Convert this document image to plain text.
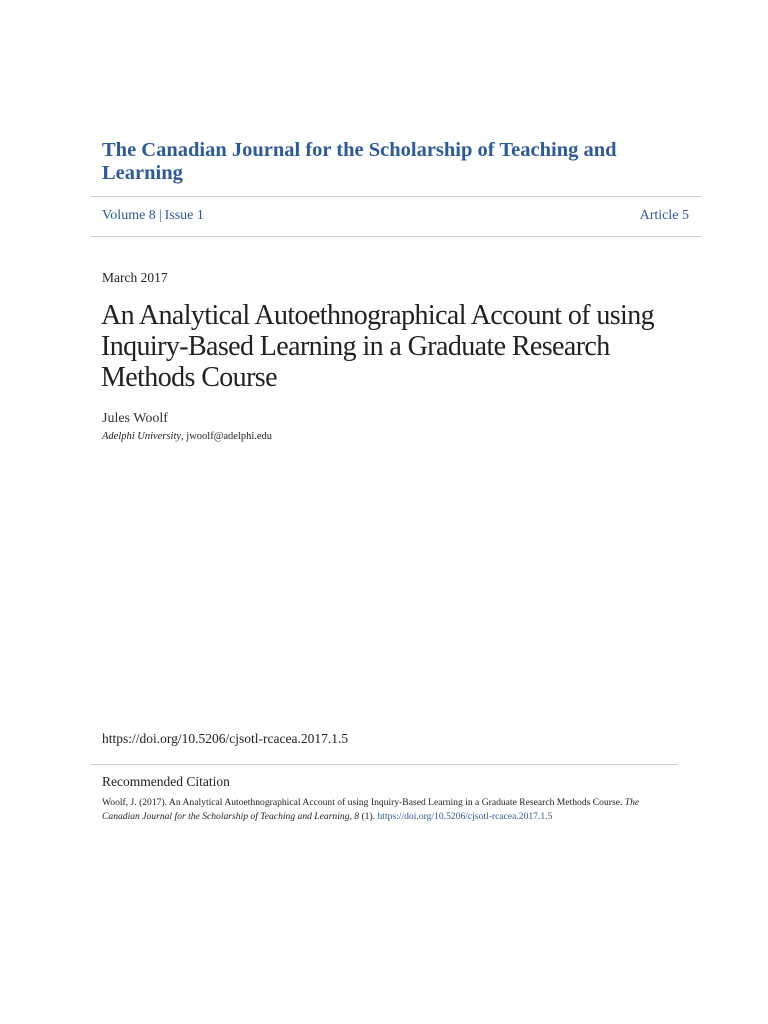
The Canadian Journal for the Scholarship of Teaching and Learning
Volume 8 | Issue 1	Article 5
March 2017
An Analytical Autoethnographical Account of using Inquiry-Based Learning in a Graduate Research Methods Course
Jules Woolf
Adelphi University, jwoolf@adelphi.edu
https://doi.org/10.5206/cjsotl-rcacea.2017.1.5
Recommended Citation
Woolf, J. (2017). An Analytical Autoethnographical Account of using Inquiry-Based Learning in a Graduate Research Methods Course. The Canadian Journal for the Scholarship of Teaching and Learning, 8 (1). https://doi.org/10.5206/cjsotl-rcacea.2017.1.5
